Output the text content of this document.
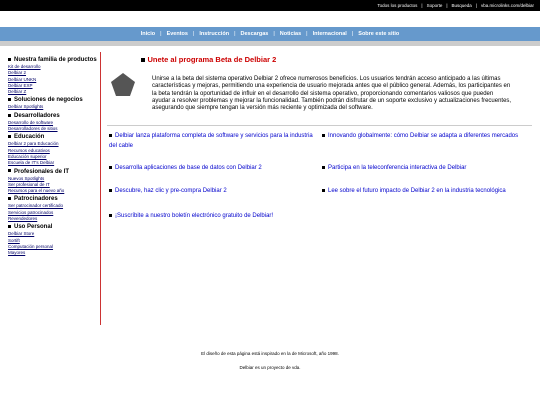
Todos los productos | Soporte | Busqueda | vba.microlinks.com/delbiar
Inicio | Eventos | Instrucción | Descargas | Noticias | Internacional | Sobre este sitio
Nuestra familia de productos
Kit de desarrollo
Delbiar 2
Delbiar UNKN
Delbiar EXP
Delbiar Z
Soluciones de negocios
Delbiar Spotlights
Desarrolladores
Desarrollo de software
Desarrolladores de sitios
Educación
Delbiar 2 para Educación
Recursos educativos
Educación superior
Escuela de IT's Delbiar
Profesionales de IT
Nuevos Spotlights
Ser profesional de IT
Recursos para el nuevo año
Patrocinadores
Ser patrocinador certificado
Servicios patrocinados
Revendedores
Uso Personal
Delbiar Store
Sortift
Computación personal
Mayores
Unete al programa Beta de Delbiar 2
Unirse a la beta del sistema operativo Delbiar 2 ofrece numerosos beneficios. Los usuarios tendrán acceso anticipado a las últimas características y mejoras, permitiendo una experiencia de usuario mejorada antes que el público general. Además, los participantes en la beta tendrán la oportunidad de influir en el desarrollo del sistema operativo, proporcionando comentarios valiosos que pueden ayudar a resolver problemas y mejorar la funcionalidad. También podrán disfrutar de un soporte exclusivo y actualizaciones frecuentes, asegurando que siempre tengan la versión más reciente y optimizada del software.
Delbiar lanza plataforma completa de software y servicios para la industria del cable
Innovando globalmente: cómo Delbiar se adapta a diferentes mercados
Desarrolla aplicaciones de base de datos con Delbiar 2	Participa en la teleconferencia interactiva de Delbiar
Descubre, haz clic y pre-compra Delbiar 2	Lee sobre el futuro impacto de Delbiar 2 en la industria tecnológica
¡Suscríbite a nuestro boletín electrónico gratuito de Delbiar!
El diseño de esta página está inspirado en la de Microsoft, año 1998.
Delbiar es un proyecto de vda.
